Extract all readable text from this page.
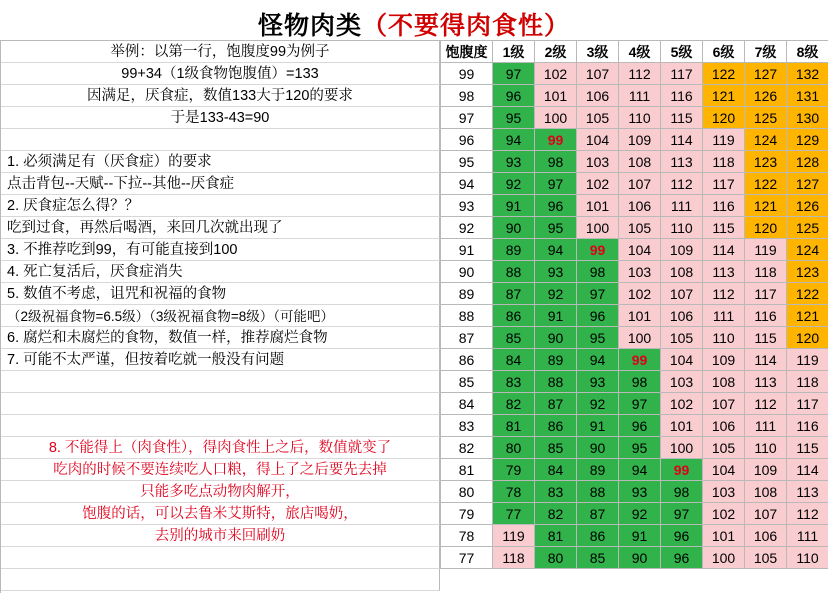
怪物肉类（不要得肉食性）
举例：以第一行，饱腹度99为例子
99+34（1级食物饱腹值）=133
因满足，厌食症，数值133大于120的要求
于是133-43=90

1. 必须满足有（厌食症）的要求
点击背包--天赋--下拉--其他--厌食症
2. 厌食症怎么得？？
吃到过食，再然后喝酒，来回几次就出现了
3. 不推荐吃到99，有可能直接到100
4. 死亡复活后，厌食症消失
5. 数值不考虑，诅咒和祝福的食物
（2级祝福食物=6.5级）（3级祝福食物=8级）（可能吧）
6. 腐烂和未腐烂的食物，数值一样，推荐腐烂食物
7. 可能不太严谨，但按着吃就一般没有问题

8. 不能得上（肉食性），得肉食性上之后，数值就变了
吃肉的时候不要连续吃人口粮，得上了之后要先去掉
只能多吃点动物肉解开，
饱腹的话，可以去鲁米艾斯特，旅店喝奶，
去别的城市来回刷奶

饱腹度	1级	2级	3级	4级	5级	6级	7级	8级
99	97	102	107	112	117	122	127	132
98	96	101	106	111	116	121	126	131
97	95	100	105	110	115	120	125	130
96	94	99	104	109	114	119	124	129
95	93	98	103	108	113	118	123	128
94	92	97	102	107	112	117	122	127
93	91	96	101	106	111	116	121	126
92	90	95	100	105	110	115	120	125
91	89	94	99	104	109	114	119	124
90	88	93	98	103	108	113	118	123
89	87	92	97	102	107	112	117	122
88	86	91	96	101	106	111	116	121
87	85	90	95	100	105	110	115	120
86	84	89	94	99	104	109	114	119
85	83	88	93	98	103	108	113	118
84	82	87	92	97	102	107	112	117
83	81	86	91	96	101	106	111	116
82	80	85	90	95	100	105	110	115
81	79	84	89	94	99	104	109	114
80	78	83	88	93	98	103	108	113
79	77	82	87	92	97	102	107	112
78	119	81	86	91	96	101	106	111
77	118	80	85	90	96	100	105	110
